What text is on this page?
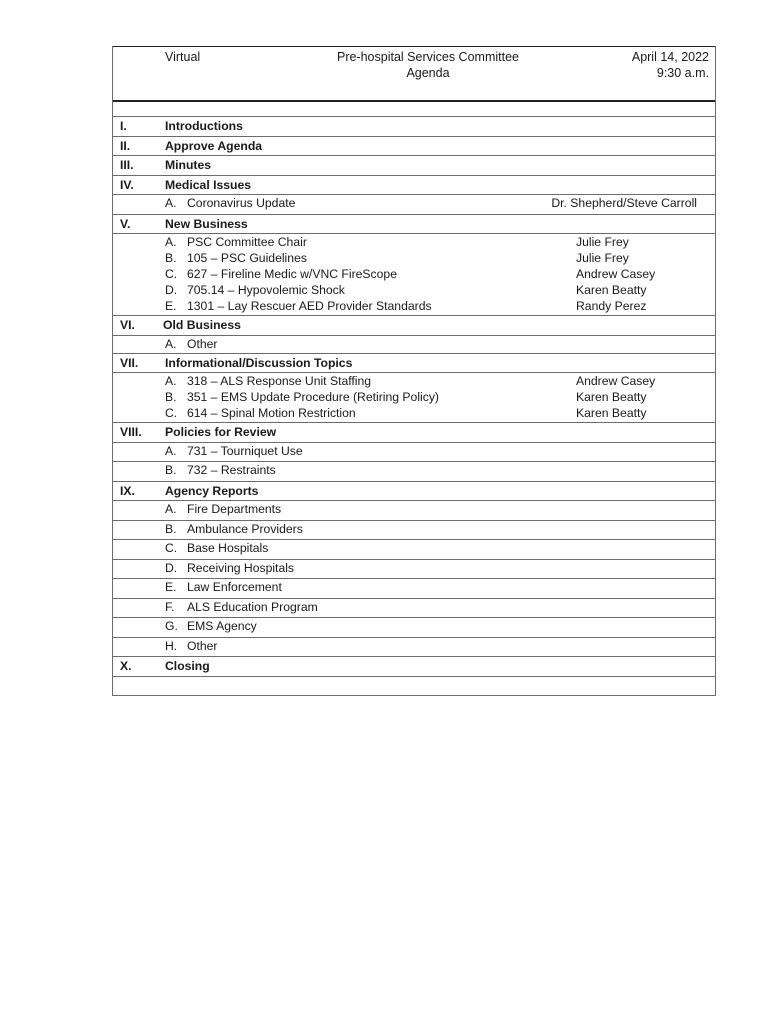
Virtual	Pre-hospital Services Committee
Agenda
April 14, 2022
9:30 a.m.
I.	Introductions
II.	Approve Agenda
III.	Minutes
IV.	Medical Issues
A. Coronavirus Update	Dr. Shepherd/Steve Carroll
V.	New Business
A. PSC Committee Chair	Julie Frey
B. 105 – PSC Guidelines	Julie Frey
C. 627 – Fireline Medic w/VNC FireScope	Andrew Casey
D. 705.14 – Hypovolemic Shock	Karen Beatty
E. 1301 – Lay Rescuer AED Provider Standards	Randy Perez
VI. Old Business
A. Other
VII. Informational/Discussion Topics
A. 318 – ALS Response Unit Staffing	Andrew Casey
B. 351 – EMS Update Procedure (Retiring Policy)	Karen Beatty
C. 614 – Spinal Motion Restriction	Karen Beatty
VIII. Policies for Review
A. 731 – Tourniquet Use
B. 732 – Restraints
IX. Agency Reports
A. Fire Departments
B. Ambulance Providers
C. Base Hospitals
D. Receiving Hospitals
E. Law Enforcement
F. ALS Education Program
G. EMS Agency
H. Other
X.	Closing
